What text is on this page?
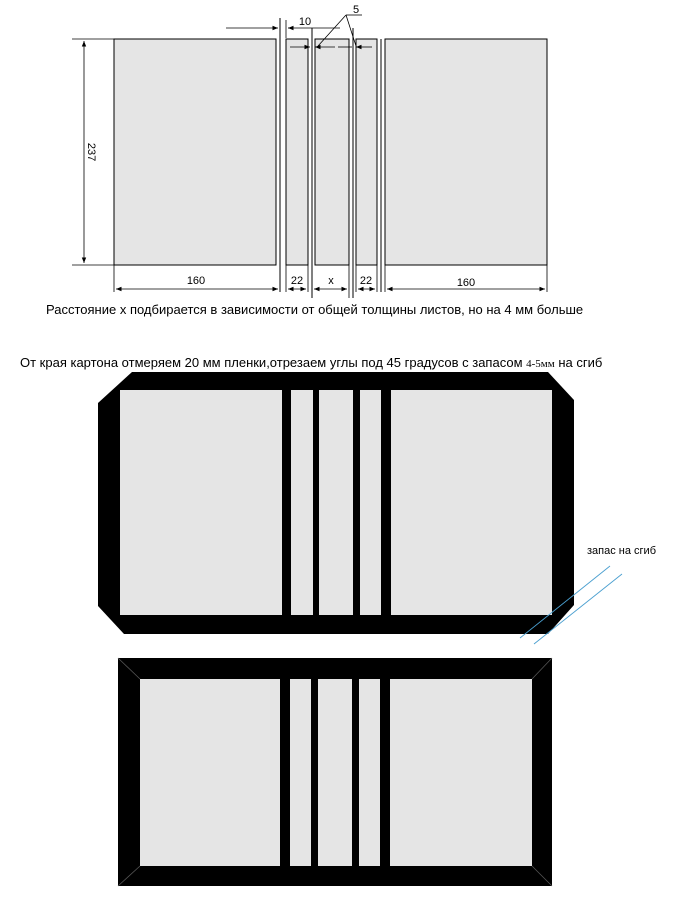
237
10
5
160	22 x 22	160
Расстояние х подбирается в зависимости от общей толщины листов, но на 4 мм больше
От края картона отмеряем 20 мм пленки,отрезаем углы под 45 градусов с запасом 4-5мм на сгиб
запас на сгиб
